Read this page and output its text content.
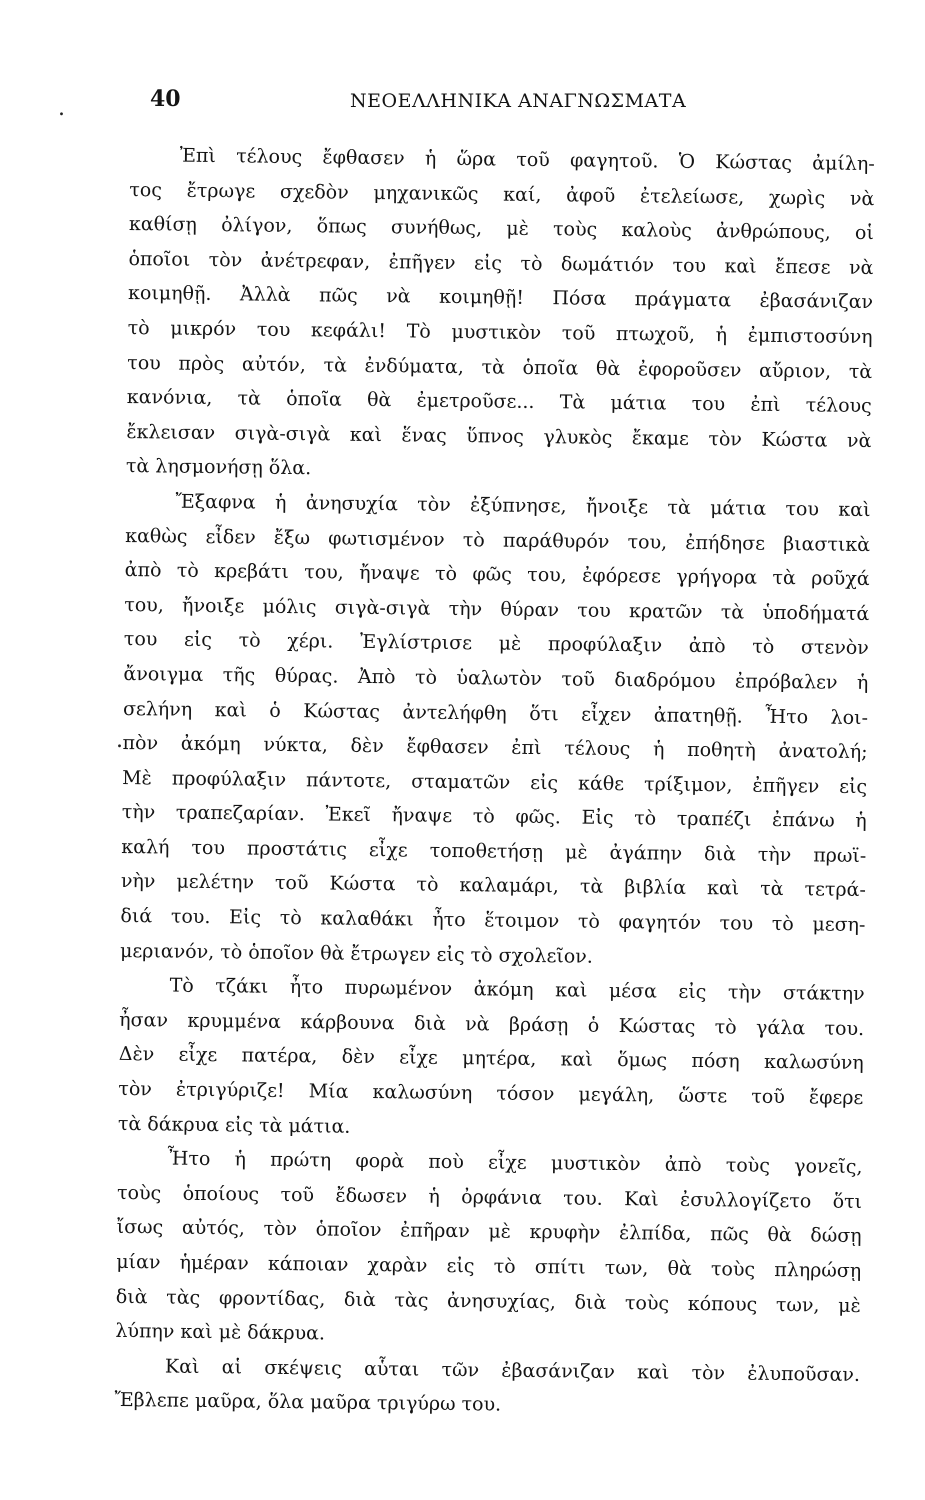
.
.
40	ΝΕΟΕΛΛΗΝΙΚΑ ΑΝΑΓΝΩΣΜΑΤΑ
Ἐπὶ τέλους ἔφθασεν ἡ ὥρα τοῦ φαγητοῦ. Ὁ Κώστας ἀμίλη-
τος ἔτρωγε σχεδὸν μηχανικῶς καί, ἀφοῦ ἐτελείωσε, χωρὶς νὰ
καθίσῃ ὀλίγον, ὅπως συνήθως, μὲ τοὺς καλοὺς ἀνθρώπους, οἱ
ὁποῖοι τὸν ἀνέτρεφαν, ἐπῆγεν εἰς τὸ δωμάτιόν του καὶ ἔπεσε νὰ
κοιμηθῇ. Ἀλλὰ πῶς νὰ κοιμηθῇ! Πόσα πράγματα ἐβασάνιζαν
τὸ μικρόν του κεφάλι! Τὸ μυστικὸν τοῦ πτωχοῦ, ἡ ἐμπιστοσύνη
του πρὸς αὐτόν, τὰ ἐνδύματα, τὰ ὁποῖα θὰ ἐφοροῦσεν αὔριον, τὰ
κανόνια, τὰ ὁποῖα θὰ ἐμετροῦσε... Τὰ μάτια του ἐπὶ τέλους
ἔκλεισαν σιγὰ-σιγὰ καὶ ἕνας ὕπνος γλυκὸς ἔκαμε τὸν Κώστα νὰ
τὰ λησμονήσῃ ὅλα.
Ἔξαφνα ἡ ἀνησυχία τὸν ἐξύπνησε, ἤνοιξε τὰ μάτια του καὶ
καθὼς εἶδεν ἔξω φωτισμένον τὸ παράθυρόν του, ἐπήδησε βιαστικὰ
ἀπὸ τὸ κρεβάτι του, ἤναψε τὸ φῶς του, ἐφόρεσε γρήγορα τὰ ροῦχά
του, ἤνοιξε μόλις σιγὰ-σιγὰ τὴν θύραν του κρατῶν τὰ ὑποδήματά
του εἰς τὸ χέρι. Ἐγλίστρισε μὲ προφύλαξιν ἀπὸ τὸ στενὸν
ἄνοιγμα τῆς θύρας. Ἀπὸ τὸ ὑαλωτὸν τοῦ διαδρόμου ἐπρόβαλεν ἡ
σελήνη καὶ ὁ Κώστας ἀντελήφθη ὅτι εἶχεν ἀπατηθῇ. Ἦτο λοι-
πὸν ἀκόμη νύκτα, δὲν ἔφθασεν ἐπὶ τέλους ἡ ποθητὴ ἀνατολή;
Μὲ προφύλαξιν πάντοτε, σταματῶν εἰς κάθε τρίξιμον, ἐπῆγεν εἰς
τὴν τραπεζαρίαν. Ἐκεῖ ἤναψε τὸ φῶς. Εἰς τὸ τραπέζι ἐπάνω ἡ
καλή του προστάτις εἶχε τοποθετήσῃ μὲ ἀγάπην διὰ τὴν πρωϊ-
νὴν μελέτην τοῦ Κώστα τὸ καλαμάρι, τὰ βιβλία καὶ τὰ τετρά-
διά του. Εἰς τὸ καλαθάκι ἦτο ἕτοιμον τὸ φαγητόν του τὸ μεση-
μεριανόν, τὸ ὁποῖον θὰ ἔτρωγεν εἰς τὸ σχολεῖον.
Τὸ τζάκι ἦτο πυρωμένον ἀκόμη καὶ μέσα εἰς τὴν στάκτην
ἦσαν κρυμμένα κάρβουνα διὰ νὰ βράσῃ ὁ Κώστας τὸ γάλα του.
Δὲν εἶχε πατέρα, δὲν εἶχε μητέρα, καὶ ὅμως πόση καλωσύνη
τὸν ἐτριγύριζε! Μία καλωσύνη τόσον μεγάλη, ὥστε τοῦ ἔφερε
τὰ δάκρυα εἰς τὰ μάτια.
Ἦτο ἡ πρώτη φορὰ ποὺ εἶχε μυστικὸν ἀπὸ τοὺς γονεῖς,
τοὺς ὁποίους τοῦ ἔδωσεν ἡ ὀρφάνια του. Καὶ ἐσυλλογίζετο ὅτι
ἴσως αὐτός, τὸν ὁποῖον ἐπῆραν μὲ κρυφὴν ἐλπίδα, πῶς θὰ δώσῃ
μίαν ἡμέραν κάποιαν χαρὰν εἰς τὸ σπίτι των, θὰ τοὺς πληρώσῃ
διὰ τὰς φροντίδας, διὰ τὰς ἀνησυχίας, διὰ τοὺς κόπους των, μὲ
λύπην καὶ μὲ δάκρυα.
Καὶ αἱ σκέψεις αὗται τῶν ἐβασάνιζαν καὶ τὸν ἐλυποῦσαν.
Ἔβλεπε μαῦρα, ὅλα μαῦρα τριγύρω του.
